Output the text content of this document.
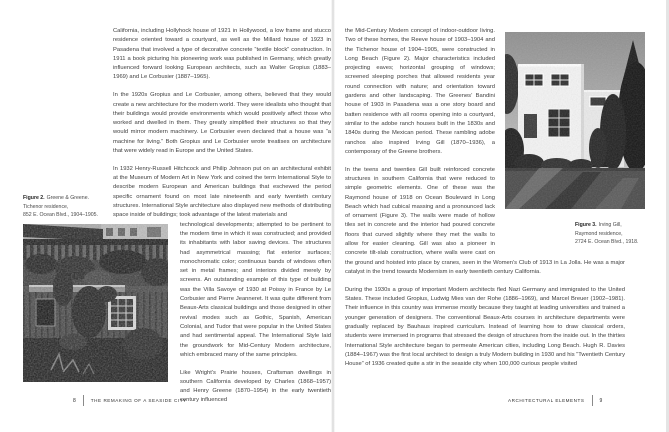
Figure 2. Greene & Greene.
Tichenor residence,
852 E. Ocean Blvd., 1904–1905.

California, including Hollyhock house of 1921 in Hollywood, a low frame and stucco residence oriented toward a courtyard, as well as the Millard house of 1923 in Pasadena that involved a type of decorative concrete “textile block” construction. In 1911 a book picturing his pioneering work was published in Germany, which greatly influenced forward looking European architects, such as Walter Gropius (1883–1969) and Le Corbusier (1887–1965).

In the 1920s Gropius and Le Corbusier, among others, believed that they would create a new architecture for the modern world. They were idealists who thought that their buildings would provide environments which would positively affect those who worked and dwelled in them. They greatly simplified their structures so that they would mirror modern machinery. Le Corbusier even declared that a house was “a machine for living.” Both Gropius and Le Corbusier wrote treatises on architecture that were widely read in Europe and the United States.

In 1932 Henry-Russell Hitchcock and Philip Johnson put on an architectural exhibit at the Museum of Modern Art in New York and coined the term International Style to describe modern European and American buildings that eschewed the period specific ornament found on most late nineteenth and early twentieth century structures. International Style architecture also displayed new methods of distributing space inside of buildings; took advantage of the latest materials and

technological developments; attempted to be pertinent to the modern time in which it was constructed; and provided its inhabitants with labor saving devices. The structures had asymmetrical massing; flat exterior surfaces; monochromatic color; continuous bands of windows often set in metal frames; and interiors divided merely by screens. An outstanding example of this type of building was the Villa Savoye of 1930 at Poissy in France by Le Corbusier and Pierre Jeanneret. It was quite different from Beaux-Arts classical buildings and those designed in other revival modes such as Gothic, Spanish, American Colonial, and Tudor that were popular in the United States and had sentimental appeal. The International Style laid the groundwork for Mid-Century Modern architecture, which embraced many of the same principles.

Like Wright’s Prairie houses, Craftsman dwellings in southern California developed by Charles (1868–1957) and Henry Greene (1870–1954) in the early twentieth century influenced

8	THE REMAKING OF A SEASIDE CITY
Figure 3. Irving Gill,
Raymond residence,
2724 E. Ocean Blvd., 1918.

the Mid-Century Modern concept of indoor-outdoor living. Two of these homes, the Reeve house of 1903–1904 and the Tichenor house of 1904–1905, were constructed in Long Beach (Figure 2). Major characteristics included projecting eaves; horizontal grouping of windows; screened sleeping porches that allowed residents year round connection with nature; and orientation toward gardens and other landscaping. The Greenes’ Bandini house of 1903 in Pasadena was a one story board and batten residence with all rooms opening into a courtyard, similar to the adobe ranch houses built in the 1830s and 1840s during the Mexican period. These rambling adobe ranchos also inspired Irving Gill (1870–1936), a contemporary of the Greene brothers.

In the teens and twenties Gill built reinforced concrete structures in southern California that were reduced to simple geometric elements. One of these was the Raymond house of 1918 on Ocean Boulevard in Long Beach which had cubical massing and a pronounced lack of ornament (Figure 3). The walls were made of hollow tiles set in concrete and the interior had poured concrete floors that curved slightly where they met the walls to allow for easier cleaning. Gill was also a pioneer in concrete tilt-slab construction, where walls were cast on the ground and hoisted into place by cranes, seen in the Women’s Club of 1913 in La Jolla. He was a major catalyst in the trend towards Modernism in early twentieth century California.

During the 1930s a group of important Modern architects fled Nazi Germany and immigrated to the United States. These included Gropius, Ludwig Mies van der Rohe (1886–1969), and Marcel Breuer (1902–1981). Their influence in this country was immense mostly because they taught at leading universities and trained a younger generation of designers. The conventional Beaux-Arts courses in architecture departments were gradually replaced by Bauhaus inspired curriculum. Instead of learning how to draw classical orders, students were immersed in programs that stressed the design of structures from the inside out. In the thirties International Style architecture began to permeate American cities, including Long Beach. Hugh R. Davies (1884–1967) was the first local architect to design a truly Modern building in 1930 and his “Twentieth Century House” of 1936 created quite a stir in the seaside city when 100,000 curious people visited

ARCHITECTURAL ELEMENTS	9
